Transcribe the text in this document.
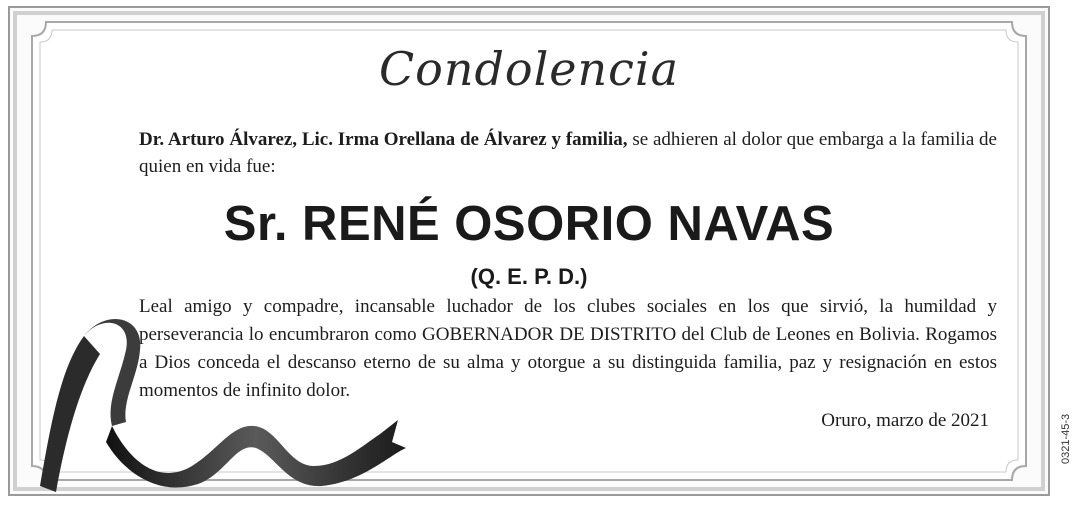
Condolencia
Dr. Arturo Álvarez, Lic. Irma Orellana de Álvarez y familia, se adhieren al dolor que embarga a la familia de quien en vida fue:
Sr. RENÉ OSORIO NAVAS
(Q. E. P. D.)
Leal amigo y compadre, incansable luchador de los clubes sociales en los que sirvió, la humildad y perseverancia lo encumbraron como GOBERNADOR DE DISTRITO del Club de Leones en Bolivia. Rogamos a Dios conceda el descanso eterno de su alma y otorgue a su distinguida familia, paz y resignación en estos momentos de infinito dolor.
Oruro, marzo de 2021	0321-45-3
